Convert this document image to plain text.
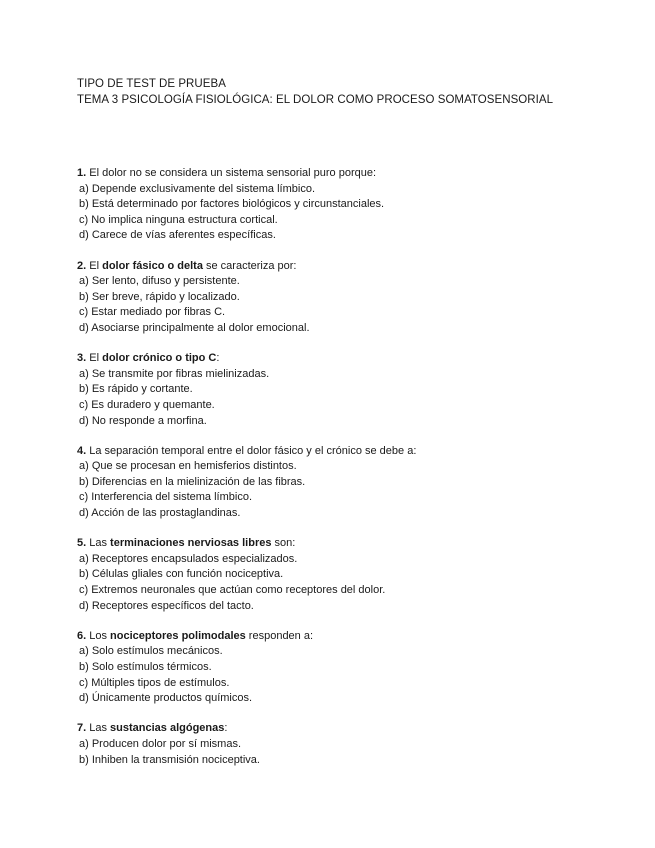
TIPO DE TEST DE PRUEBA
TEMA 3 PSICOLOGÍA FISIOLÓGICA: EL DOLOR COMO PROCESO SOMATOSENSORIAL
1. El dolor no se considera un sistema sensorial puro porque:
a) Depende exclusivamente del sistema límbico.
b) Está determinado por factores biológicos y circunstanciales.
c) No implica ninguna estructura cortical.
d) Carece de vías aferentes específicas.
2. El dolor fásico o delta se caracteriza por:
a) Ser lento, difuso y persistente.
b) Ser breve, rápido y localizado.
c) Estar mediado por fibras C.
d) Asociarse principalmente al dolor emocional.
3. El dolor crónico o tipo C:
a) Se transmite por fibras mielinizadas.
b) Es rápido y cortante.
c) Es duradero y quemante.
d) No responde a morfina.
4. La separación temporal entre el dolor fásico y el crónico se debe a:
a) Que se procesan en hemisferios distintos.
b) Diferencias en la mielinización de las fibras.
c) Interferencia del sistema límbico.
d) Acción de las prostaglandinas.
5. Las terminaciones nerviosas libres son:
a) Receptores encapsulados especializados.
b) Células gliales con función nociceptiva.
c) Extremos neuronales que actúan como receptores del dolor.
d) Receptores específicos del tacto.
6. Los nociceptores polimodales responden a:
a) Solo estímulos mecánicos.
b) Solo estímulos térmicos.
c) Múltiples tipos de estímulos.
d) Únicamente productos químicos.
7. Las sustancias algógenas:
a) Producen dolor por sí mismas.
b) Inhiben la transmisión nociceptiva.
